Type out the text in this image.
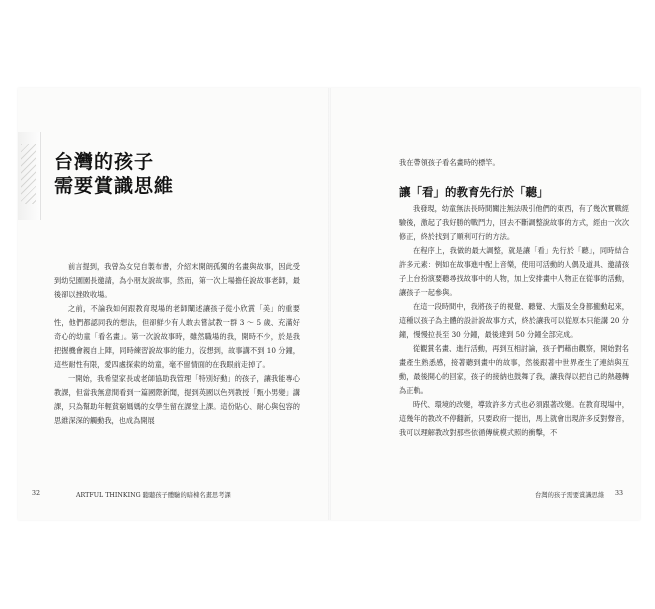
台灣的孩子
需要賞識思維

前言提到，我曾為女兒自製布書，介紹末開朗孤獨的名畫與故事，因此受到幼兒園園長邀請，為小朋友說故事，然而，第一次上場擔任說故事老師，最後卻以挫敗收場。

之前，不論我如何跟教育現場的老師闡述讓孩子從小欣賞「美」的重要性，他們都認同我的想法，但卻鮮少有人敢去嘗試教一群 3 ～ 5 歲、充滿好奇心的幼童「看名畫」。第一次說故事時，雖然職場的我，開時不少，於是我把握機會親自上陣，同時練習說故事的能力，沒想到，故事講不到 10 分鐘，這些耐性有限，愛四處探索的幼童，毫不留情面的在我眼前走掉了。

一開始，我希望家長或老師協助我管理「特別好動」的孩子，讓我能專心教課，但當我無意間看到一篇國際新聞，提到英國以色列教授「甄小男變」講課，只為幫助年輕貧窮媽媽的女學生留在課堂上課。這份貼心、耐心與包容的思維深深的觸動我，也成為開展

32	ARTFUL THINKING 聽聽孩子體驗的暗棟名畫思考課
我在帶領孩子看名畫時的標竿。
讓「看」的教育先行於「聽」

我發現，幼童無法長時間關注無法吸引他們的東西，有了幾次實戰經驗後，激起了我好勝的戰鬥力，回去不斷調整說故事的方式，經由一次次修正，終於找到了順利可行的方法。

在程序上，我做的最大調整，就是讓「看」先行於「聽」，同時結合許多元素：例如在故事進中配上音樂，使用可活動的人偶及道具、邀請孩子上台扮演要聽尋找故事中的人物，加上安排畫中人物正在從事的活動，讓孩子一起參與。

在這一段時間中，我將孩子的視覺、聽覺、大腦及全身都攏動起來，這種以孩子為主體的設計說故事方式，終於讓我可以從原本只能講 20 分鐘，慢慢拉長至 30 分鐘，最後達到 50 分鐘全部完成。

從觀賞名畫、進行活動，再到互相討論，孩子們藉由觀察，開始對名畫產生熟悉感，接著聽到畫中的故事，然後跟著中世界產生了連結與互動，最後開心的回家，孩子的接納也鼓舞了我，讓我得以把自己的熱趣轉為正軌。

時代、環境的改變，導致許多方式也必須跟著改變。在教育現場中，這幾年的教改不停翻新，只要政府一提出，馬上就會出現許多反對聲音，我可以理解教改對那些依循傳統模式照的衝擊，不

台灣的孩子需要賞識思維 33
